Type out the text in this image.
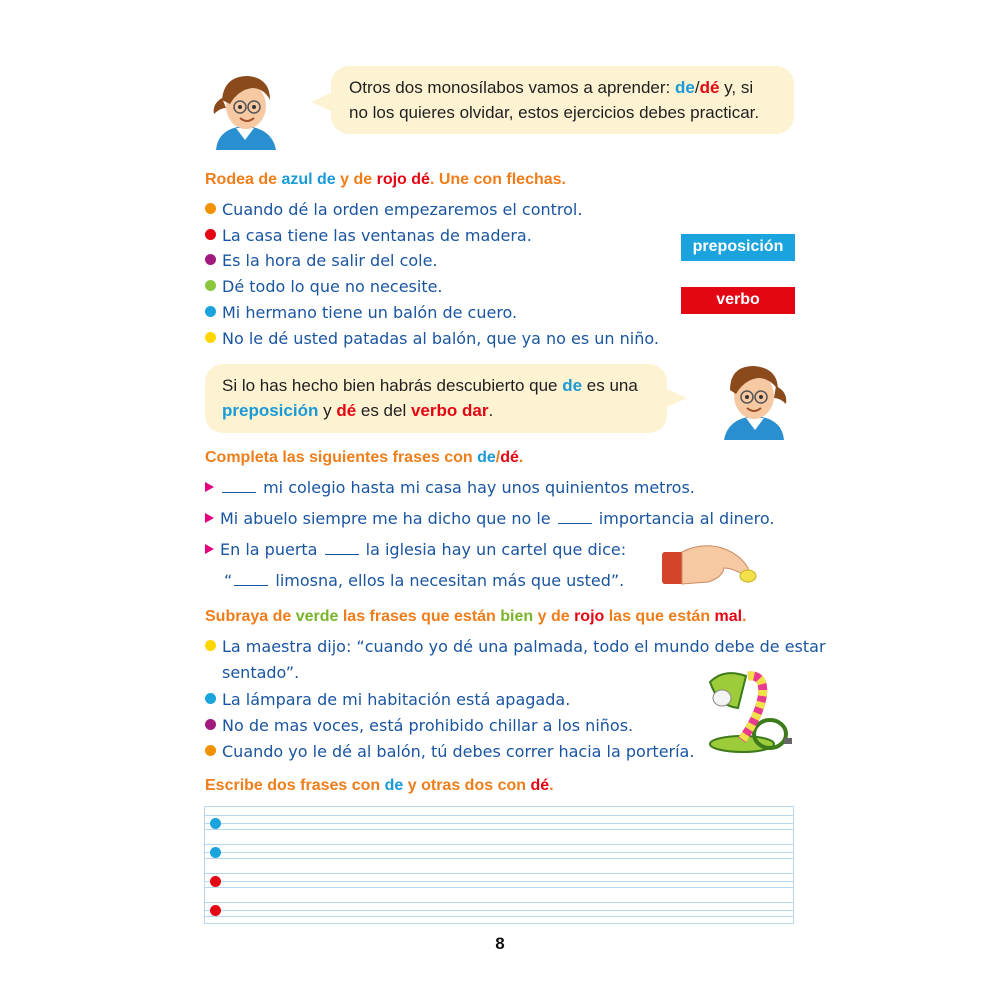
Otros dos monosílabos vamos a aprender: de/dé y, si no los quieres olvidar, estos ejercicios debes practicar.
Rodea de azul de y de rojo dé. Une con flechas.
Cuando dé la orden empezaremos el control.
La casa tiene las ventanas de madera.
Es la hora de salir del cole.
Dé todo lo que no necesite.
Mi hermano tiene un balón de cuero.
No le dé usted patadas al balón, que ya no es un niño.
preposición
verbo
Si lo has hecho bien habrás descubierto que de es una preposición y dé es del verbo dar.
Completa las siguientes frases con de/dé.
mi colegio hasta mi casa hay unos quinientos metros.
Mi abuelo siempre me ha dicho que no le  importancia al dinero.
En la puerta  la iglesia hay un cartel que dice:
“ limosna, ellos la necesitan más que usted”.
Subraya de verde las frases que están bien y de rojo las que están mal.
La maestra dijo: “cuando yo dé una palmada, todo el mundo debe de estar
sentado”.
La lámpara de mi habitación está apagada.
No de mas voces, está prohibido chillar a los niños.
Cuando yo le dé al balón, tú debes correr hacia la portería.
Escribe dos frases con de y otras dos con dé.
8
